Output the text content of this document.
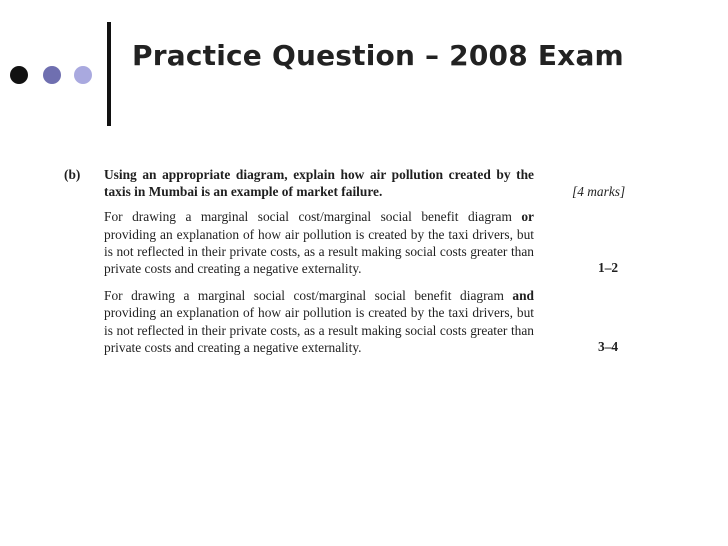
Practice Question – 2008 Exam
(b)	Using an appropriate diagram, explain how air pollution created by the taxis in Mumbai is an example of market failure.	[4 marks]
For drawing a marginal social cost/marginal social benefit diagram or providing an explanation of how air pollution is created by the taxi drivers, but is not reflected in their private costs, as a result making social costs greater than private costs and creating a negative externality.	1–2
For drawing a marginal social cost/marginal social benefit diagram and providing an explanation of how air pollution is created by the taxi drivers, but is not reflected in their private costs, as a result making social costs greater than private costs and creating a negative externality.	3–4
